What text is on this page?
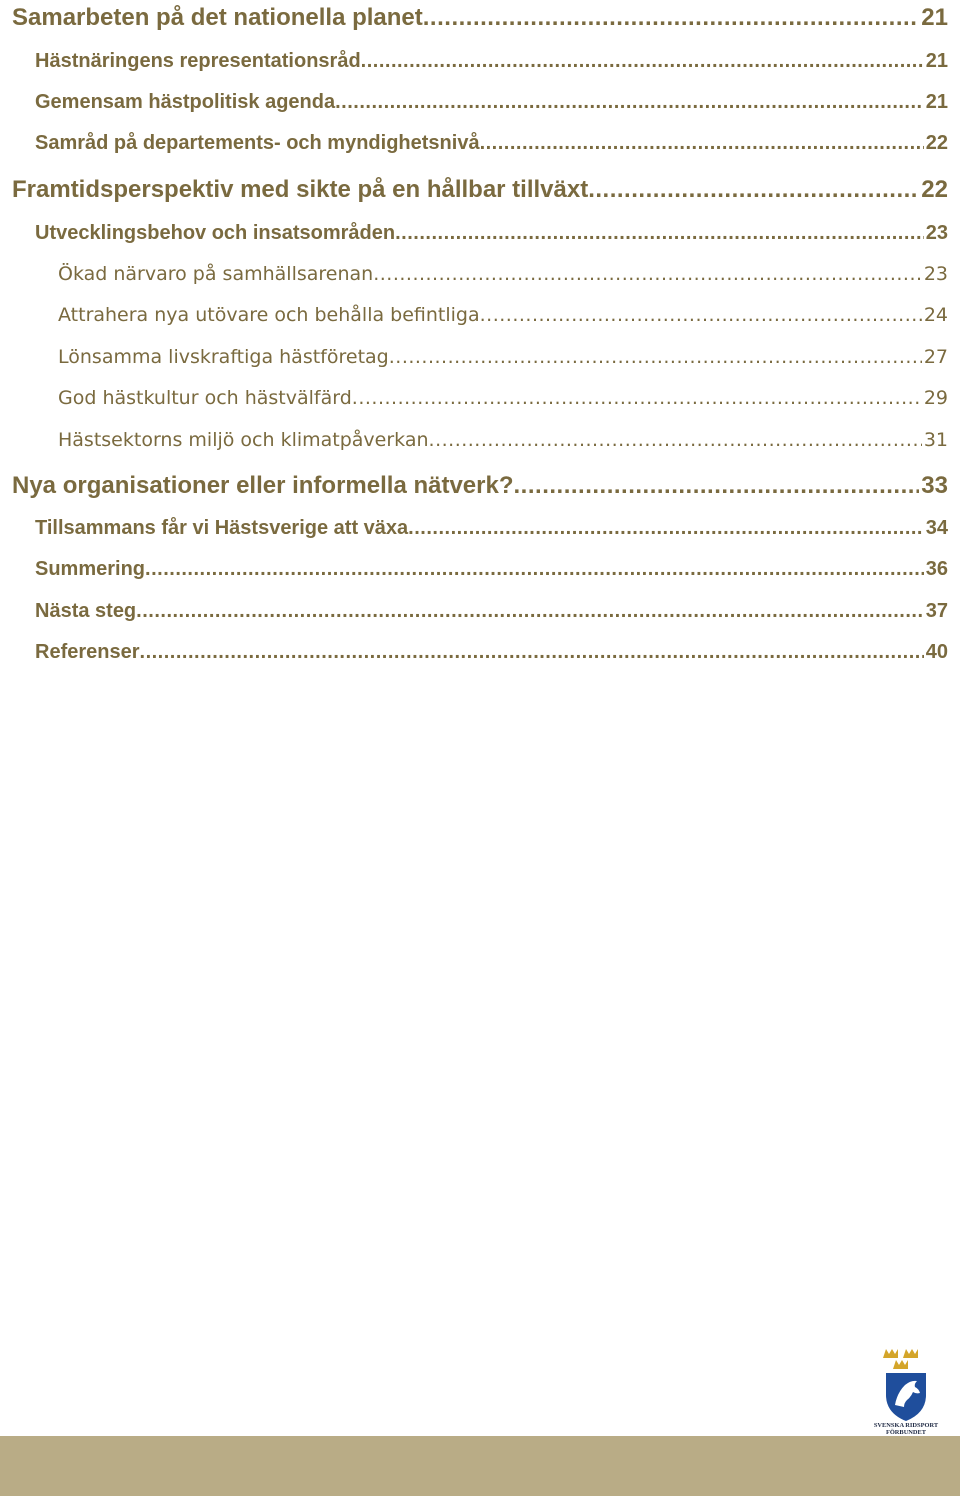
Samarbeten på det nationella planet .....	21
Hästnäringens representationsråd .....	21
Gemensam hästpolitisk agenda .....	21
Samråd på departements- och myndighetsnivå .....	22
Framtidsperspektiv med sikte på en hållbar tillväxt .....	22
Utvecklingsbehov och insatsområden .....	23
Ökad närvaro på samhällsarenan .....	23
Attrahera nya utövare och behålla befintliga .....	24
Lönsamma livskraftiga hästföretag .....	27
God hästkultur och hästvälfärd .....	29
Hästsektorns miljö och klimatpåverkan .....	31
Nya organisationer eller informella nätverk? .....	33
Tillsammans får vi Hästsverige att växa .....	34
Summering .....	36
Nästa steg .....	37
Referenser .....	40
SVENSKA RIDSPORT
FÖRBUNDET
